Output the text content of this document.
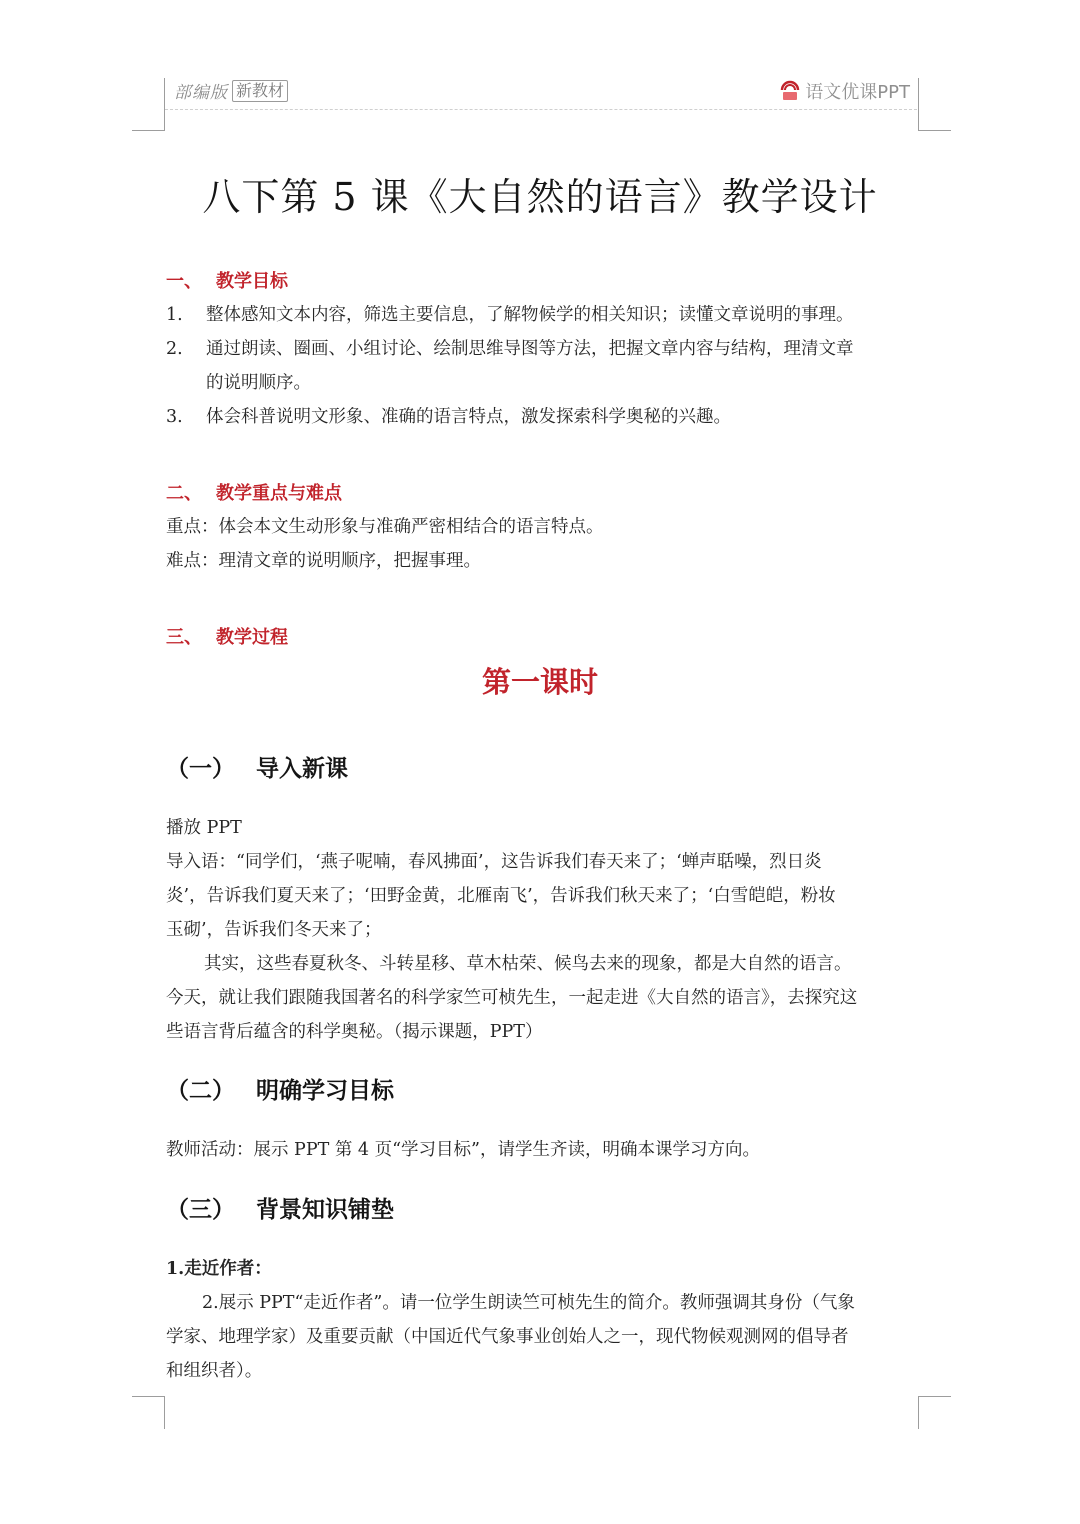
部编版 新教材	语文优课PPT
八下第 5 课《大自然的语言》教学设计
一、 教学目标
1. 整体感知文本内容，筛选主要信息，了解物候学的相关知识；读懂文章说明的事理。
2. 通过朗读、圈画、小组讨论、绘制思维导图等方法，把握文章内容与结构，理清文章
的说明顺序。
3. 体会科普说明文形象、准确的语言特点，激发探索科学奥秘的兴趣。
二、 教学重点与难点
重点：体会本文生动形象与准确严密相结合的语言特点。
难点：理清文章的说明顺序，把握事理。
三、 教学过程
第一课时
（一） 导入新课
播放 PPT
导入语：“同学们，‘燕子呢喃，春风拂面’，这告诉我们春天来了；‘蝉声聒噪，烈日炎
炎’，告诉我们夏天来了；‘田野金黄，北雁南飞’，告诉我们秋天来了；‘白雪皑皑，粉妆
玉砌’，告诉我们冬天来了；
其实，这些春夏秋冬、斗转星移、草木枯荣、候鸟去来的现象，都是大自然的语言。
今天，就让我们跟随我国著名的科学家竺可桢先生，一起走进《大自然的语言》，去探究这
些语言背后蕴含的科学奥秘。（揭示课题，PPT）
（二） 明确学习目标
教师活动：展示 PPT 第 4 页“学习目标”，请学生齐读，明确本课学习方向。
（三） 背景知识铺垫
1.走近作者：
2.展示 PPT“走近作者”。请一位学生朗读竺可桢先生的简介。教师强调其身份（气象
学家、地理学家）及重要贡献（中国近代气象事业创始人之一，现代物候观测网的倡导者
和组织者）。
